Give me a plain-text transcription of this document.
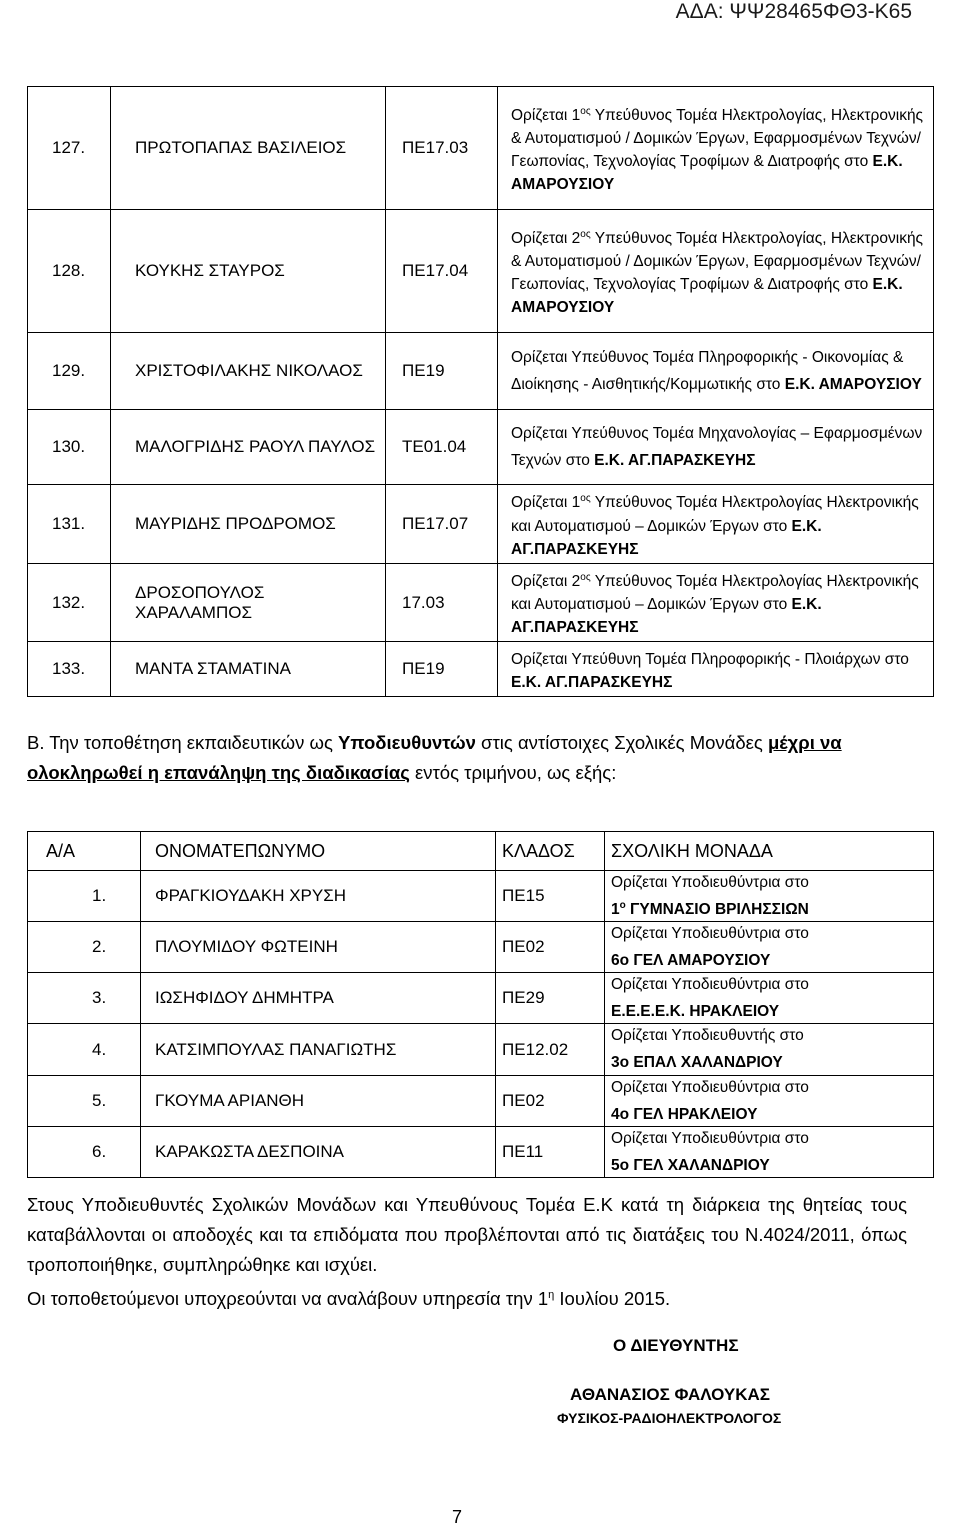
ΑΔΑ: ΨΨ28465ΦΘ3-Κ65
127.	ΠΡΩΤΟΠΑΠΑΣ ΒΑΣΙΛΕΙΟΣ	ΠΕ17.03	Ορίζεται $1^{o\varsigma}$ Υπεύθυνος Τομέα Ηλεκτρολογίας, Ηλεκτρονικής & Αυτοματισμού / Δομικών Έργων, Εφαρμοσμένων Τεχνών/Γεωπονίας, Τεχνολογίας Τροφίμων & Διατροφής στο Ε.Κ. ΑΜΑΡΟΥΣΙΟΥ
128.	ΚΟΥΚΗΣ ΣΤΑΥΡΟΣ	ΠΕ17.04	Ορίζεται $2^{o\varsigma}$ Υπεύθυνος Τομέα Ηλεκτρολογίας, Ηλεκτρονικής & Αυτοματισμού / Δομικών Έργων, Εφαρμοσμένων Τεχνών/Γεωπονίας, Τεχνολογίας Τροφίμων & Διατροφής στο Ε.Κ. ΑΜΑΡΟΥΣΙΟΥ
129.	ΧΡΙΣΤΟΦΙΛΑΚΗΣ ΝΙΚΟΛΑΟΣ	ΠΕ19	Ορίζεται Υπεύθυνος Τομέα Πληροφορικής - Οικονομίας & Διοίκησης - Αισθητικής/Κομμωτικής στο Ε.Κ. ΑΜΑΡΟΥΣΙΟΥ
130.	ΜΑΛΟΓΡΙΔΗΣ ΡΑΟΥΛ ΠΑΥΛΟΣ	ΤΕ01.04	Ορίζεται Υπεύθυνος Τομέα Μηχανολογίας – Εφαρμοσμένων Τεχνών στο Ε.Κ. ΑΓ.ΠΑΡΑΣΚΕΥΗΣ
131.	ΜΑΥΡΙΔΗΣ ΠΡΟΔΡΟΜΟΣ	ΠΕ17.07	Ορίζεται $1^{o\varsigma}$ Υπεύθυνος Τομέα Ηλεκτρολογίας Ηλεκτρονικής και Αυτοματισμού – Δομικών Έργων στο Ε.Κ. ΑΓ.ΠΑΡΑΣΚΕΥΗΣ
132.	ΔΡΟΣΟΠΟΥΛΟΣ ΧΑΡΑΛΑΜΠΟΣ	17.03	Ορίζεται $2^{o\varsigma}$ Υπεύθυνος Τομέα Ηλεκτρολογίας Ηλεκτρονικής και Αυτοματισμού – Δομικών Έργων στο Ε.Κ. ΑΓ.ΠΑΡΑΣΚΕΥΗΣ
133.	ΜΑΝΤΑ ΣΤΑΜΑΤΙΝΑ	ΠΕ19	Ορίζεται Υπεύθυνη Τομέα Πληροφορικής - Πλοιάρχων στο Ε.Κ. ΑΓ.ΠΑΡΑΣΚΕΥΗΣ
Β. Την τοποθέτηση εκπαιδευτικών ως Υποδιευθυντών στις αντίστοιχες Σχολικές Μονάδες μέχρι να ολοκληρωθεί η επανάληψη της διαδικασίας εντός τριμήνου, ως εξής:
Α/Α	ΟΝΟΜΑΤΕΠΩΝΥΜΟ	ΚΛΑΔΟΣ	ΣΧΟΛΙΚΗ ΜΟΝΑΔΑ
1.	ΦΡΑΓΚΙΟΥΔΑΚΗ ΧΡΥΣΗ	ΠΕ15	Ορίζεται Υποδιευθύντρια στο
$1^o$ ΓΥΜΝΑΣΙΟ ΒΡΙΛΗΣΣΙΩΝ

2.	ΠΛΟΥΜΙΔΟΥ ΦΩΤΕΙΝΗ	ΠΕ02	Ορίζεται Υποδιευθύντρια στο
6ο ΓΕΛ ΑΜΑΡΟΥΣΙΟΥ

3.	ΙΩΣΗΦΙΔΟΥ ΔΗΜΗΤΡΑ	ΠΕ29	Ορίζεται Υποδιευθύντρια στο
Ε.Ε.Ε.Ε.Κ. ΗΡΑΚΛΕΙΟΥ

4.	ΚΑΤΣΙΜΠΟΥΛΑΣ ΠΑΝΑΓΙΩΤΗΣ	ΠΕ12.02	Ορίζεται Υποδιευθυντής στο
3ο ΕΠΑΛ ΧΑΛΑΝΔΡΙΟΥ

5.	ΓΚΟΥΜΑ ΑΡΙΑΝΘΗ	ΠΕ02	Ορίζεται Υποδιευθύντρια στο
4ο ΓΕΛ ΗΡΑΚΛΕΙΟΥ

6.	ΚΑΡΑΚΩΣΤΑ ΔΕΣΠΟΙΝΑ	ΠΕ11	Ορίζεται Υποδιευθύντρια στο
5ο ΓΕΛ ΧΑΛΑΝΔΡΙΟΥ
Στους Υποδιευθυντές Σχολικών Μονάδων και Υπευθύνους Τομέα Ε.Κ κατά τη διάρκεια της θητείας τους καταβάλλονται οι αποδοχές και τα επιδόματα που προβλέπονται από τις διατάξεις του Ν.4024/2011, όπως τροποποιήθηκε, συμπληρώθηκε και ισχύει.
Οι τοποθετούμενοι υποχρεούνται να αναλάβουν υπηρεσία την $1^\eta$ Ιουλίου 2015.
Ο ΔΙΕΥΘΥΝΤΗΣ
ΑΘΑΝΑΣΙΟΣ ΦΑΛΟΥΚΑΣ
ΦΥΣΙΚΟΣ-ΡΑΔΙΟΗΛΕΚΤΡΟΛΟΓΟΣ
7
